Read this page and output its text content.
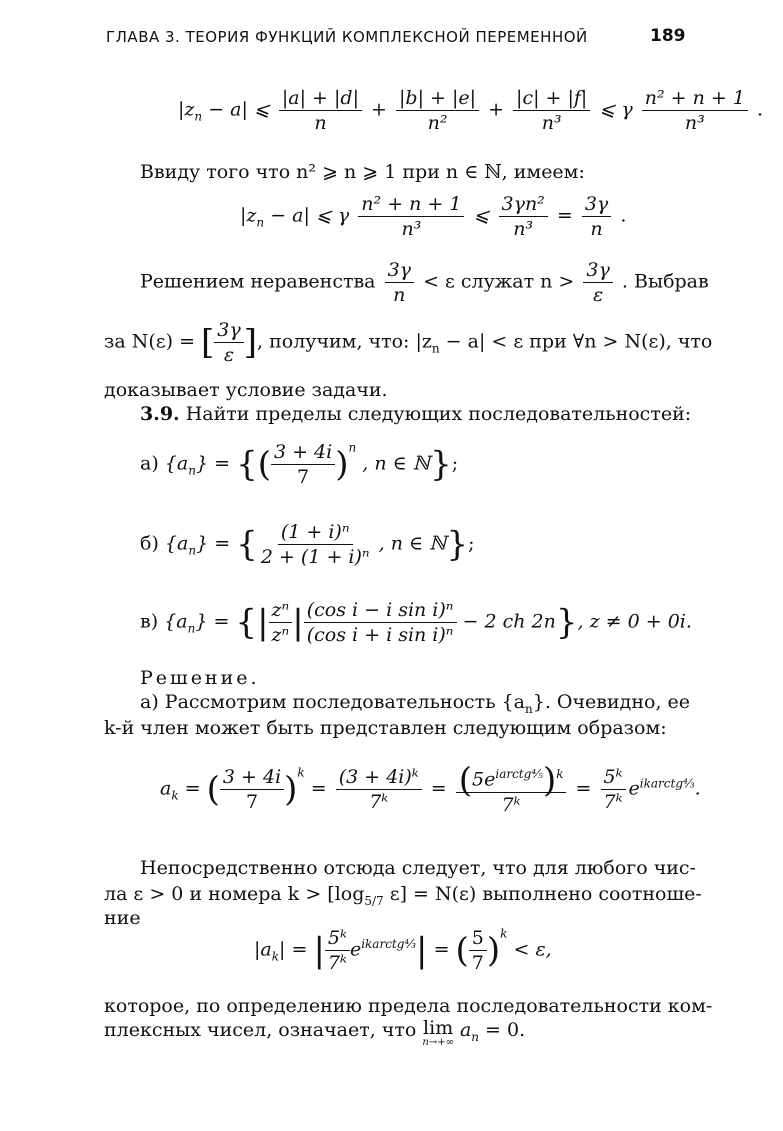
ГЛАВА 3. ТЕОРИЯ ФУНКЦИЙ КОМПЛЕКСНОЙ ПЕРЕМЕННОЙ	189
$|z_n - a|$ ⩽ $\frac{|a| + |d|}{n} + \frac{|b| + |e|}{\text{n²}} + \frac{|c| + |f|}{\text{n³}}$ ⩽ γ $\frac{\text{n² + n + 1}}{\text{n³}}$ .
Ввиду того что n² ⩾ n ⩾ 1 при n ∈ ℕ, имеем:
$|z_n - a|$ ⩽ γ $\frac{\text{n² + n + 1}}{\text{n³}}$ ⩽ $\frac{\text{3γn²}}{\text{n³}} = \frac{3\gamma}{n}$ .
Решением неравенства $\frac{3\gamma}{n} < \varepsilon$ служат $n > \frac{3\gamma}{\varepsilon}$ . Выбрав
за N(ε) = [ $\frac{3\gamma}{\varepsilon}$ ], получим, что: $|z_n - a| < \varepsilon$ при ∀n > N(ε), что
доказывает условие задачи.
3.9. Найти пределы следующих последовательностей:
а) $\{a_n\}$ = {( $\frac{3 + 4i}{7} )^n$ , n ∈ ℕ};
б) $\{a_n\}$ = { $\frac{\text{(1 + i)ⁿ}}{\text{2 + (1 + i)ⁿ}}$ , n ∈ ℕ};
в) $\{a_n\}$ = {| $\frac{\text{zⁿ}}{\text{zⁿ}}$ | $\frac{\text{(cos i − i sin i)ⁿ}}{\text{(cos i + i sin i)ⁿ}} - 2$ ch 2n}, z ≠ 0 + 0i.
Решение.
а) Рассмотрим последовательность $\{a_n\}$. Очевидно, ее
k-й член может быть представлен следующим образом:
$a_k$ = ( $\frac{3 + 4i}{7} )^k = \frac{\text{(3 + 4i)ᵏ}}{\text{7ᵏ}} = \frac{(5e^{iarctg^4⁄_5})^k}{\text{7ᵏ}} = \frac{\text{5ᵏ}}{\text{7ᵏ}} e^{ikarctg^4⁄_3}$.
Непосредственно отсюда следует, что для любого чис-
ла ε > 0 и номера $k > [\log_{5/7}$ ε] = N(ε) выполнено соотноше-
ние
$|a_k|$ = | $\frac{\text{5ᵏ}}{\text{7ᵏ}} e^{ikarctg^4⁄_3}|$ = ( $\frac{5}{7} )^k < \varepsilon$,
которое, по определению предела последовательности ком-
плексных чисел, означает, что lim
n→+∞
$a_n = 0$.
